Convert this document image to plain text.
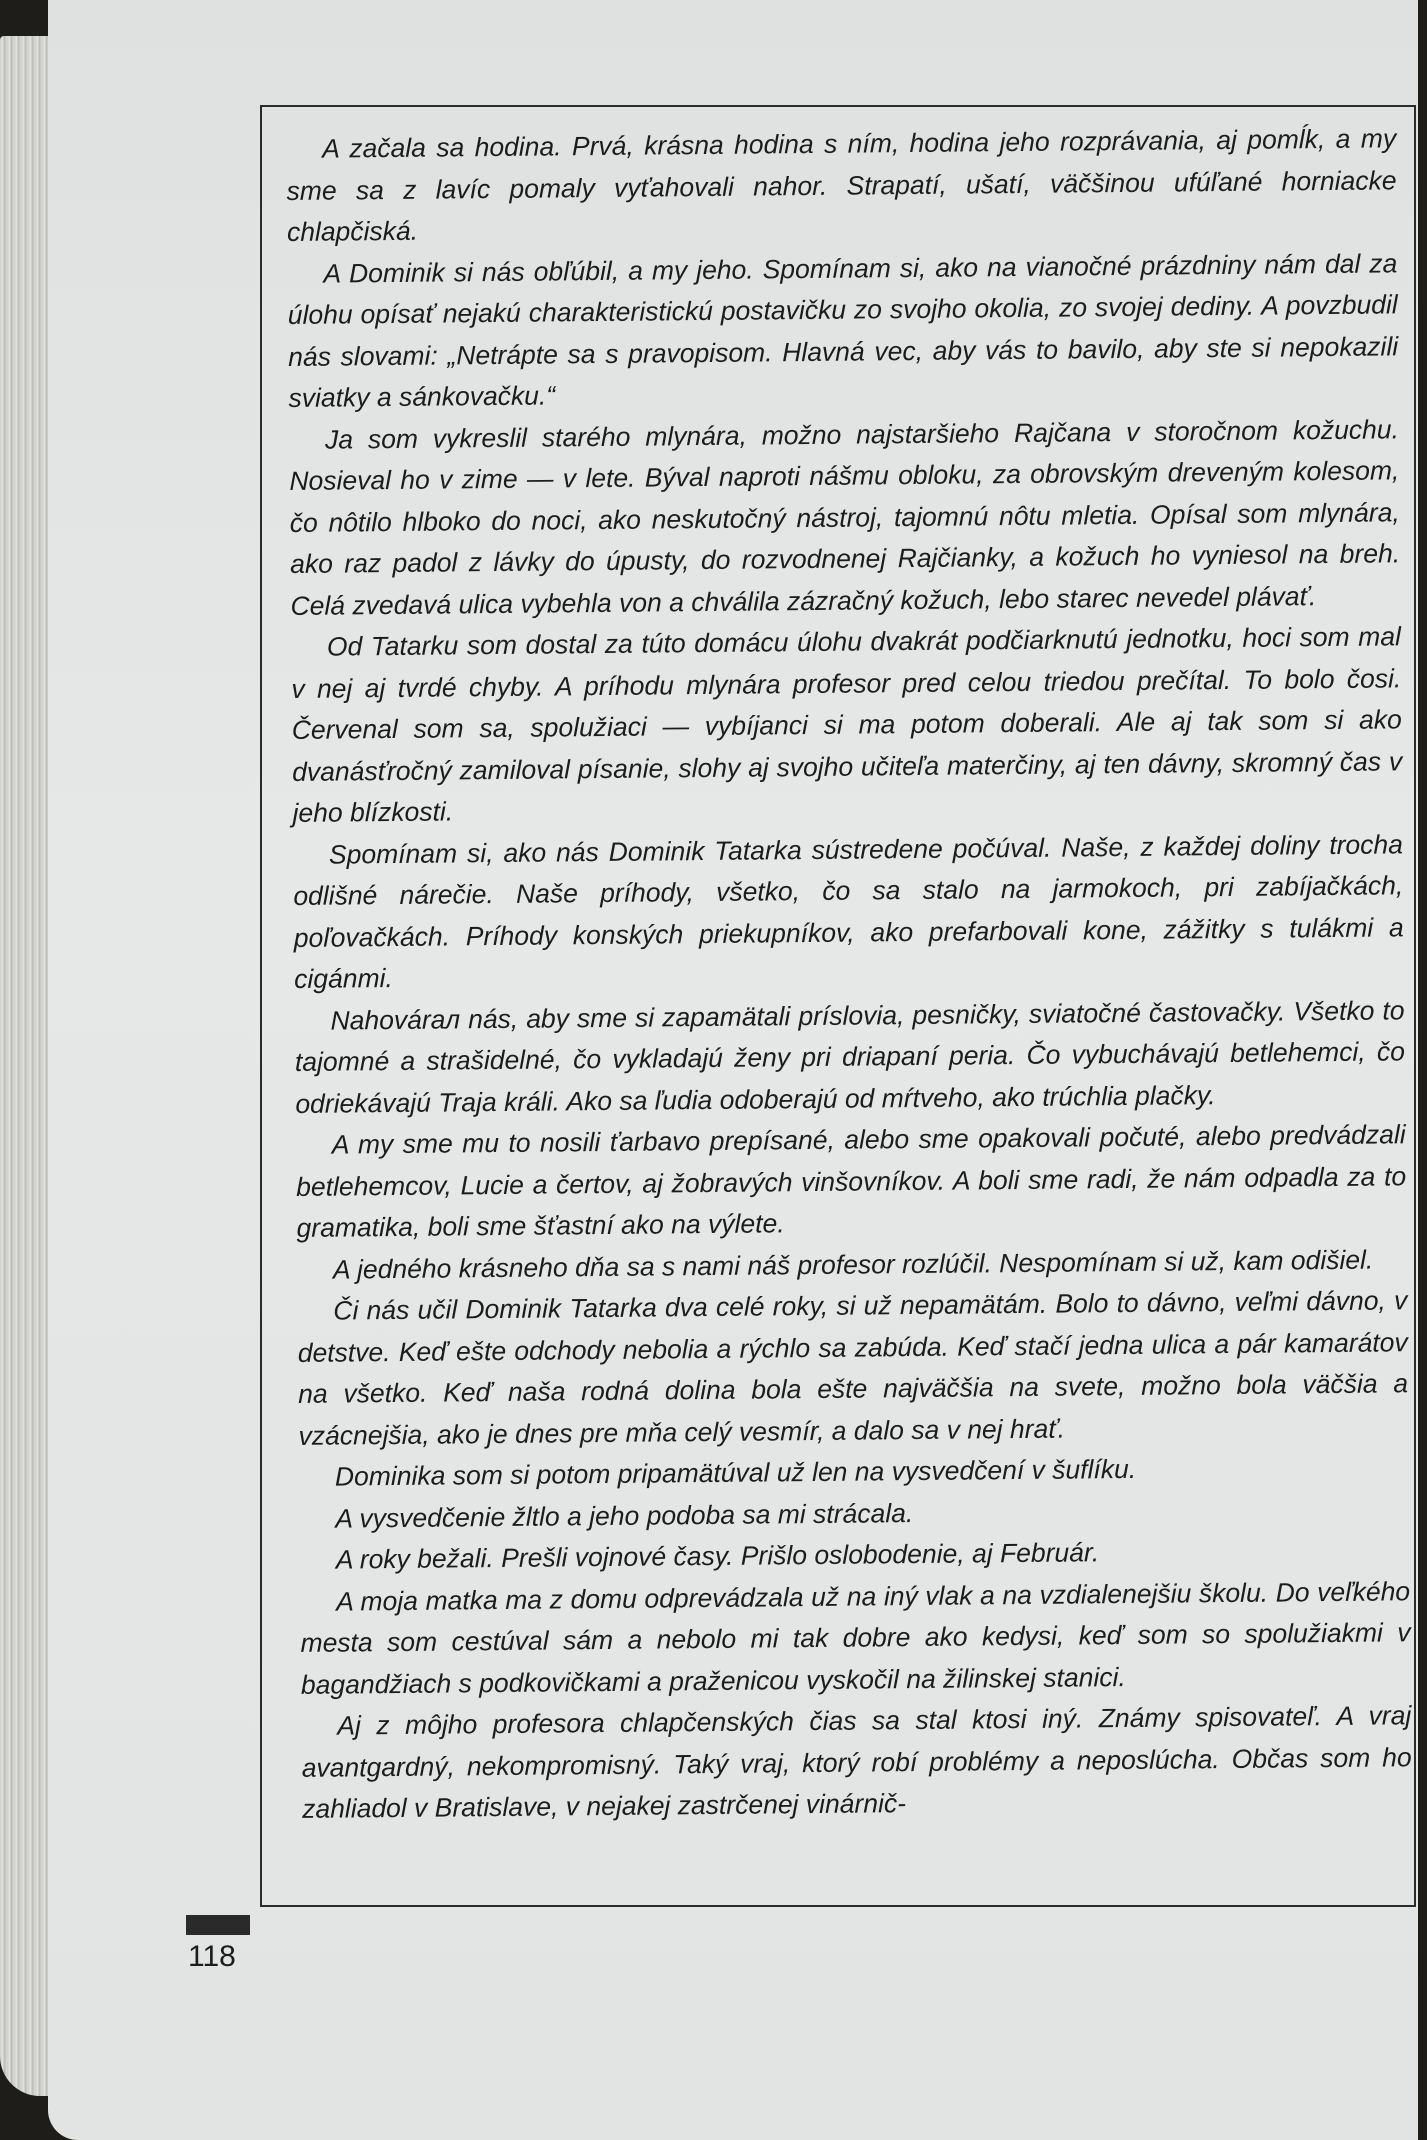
A začala sa hodina. Prvá, krásna hodina s ním, hodina jeho rozprávania, aj pomĺk, a my sme sa z lavíc pomaly vyťahovali nahor. Strapatí, ušatí, väčšinou ufúľané horniacke chlapčiská.

A Dominik si nás obľúbil, a my jeho. Spomínam si, ako na vianočné prázdniny nám dal za úlohu opísať nejakú charakteristickú postavičku zo svojho okolia, zo svojej dediny. A povzbudil nás slovami: „Netrápte sa s pravopisom. Hlavná vec, aby vás to bavilo, aby ste si nepokazili sviatky a sánkovačku.“

Ja som vykreslil starého mlynára, možno najstaršieho Rajčana v storočnom kožuchu. Nosieval ho v zime — v lete. Býval naproti nášmu obloku, za obrovským dreveným kolesom, čo nôtilo hlboko do noci, ako neskutočný nástroj, tajomnú nôtu mletia. Opísal som mlynára, ako raz padol z lávky do úpusty, do rozvodnenej Rajčianky, a kožuch ho vyniesol na breh. Celá zvedavá ulica vybehla von a chválila zázračný kožuch, lebo starec nevedel plávať.

Od Tatarku som dostal za túto domácu úlohu dvakrát podčiarknutú jednotku, hoci som mal v nej aj tvrdé chyby. A príhodu mlynára profesor pred celou triedou prečítal. To bolo čosi. Červenal som sa, spolužiaci — vybíjanci si ma potom doberali. Ale aj tak som si ako dvanásťročný zamiloval písanie, slohy aj svojho učiteľa materčiny, aj ten dávny, skromný čas v jeho blízkosti.

Spomínam si, ako nás Dominik Tatarka sústredene počúval. Naše, z každej doliny trocha odlišné nárečie. Naše príhody, všetko, čo sa stalo na jarmokoch, pri zabíjačkách, poľovačkách. Príhody konských priekupníkov, ako prefarbovali kone, zážitky s tulákmi a cigánmi.

Nahovárал nás, aby sme si zapamätali príslovia, pesničky, sviatočné častovačky. Všetko to tajomné a strašidelné, čo vykladajú ženy pri driapaní peria. Čo vybuchávajú betlehemci, čo odriekávajú Traja králi. Ako sa ľudia odoberajú od mŕtveho, ako trúchlia plačky.

A my sme mu to nosili ťarbavo prepísané, alebo sme opakovali počuté, alebo predvádzali betlehemcov, Lucie a čertov, aj žobravých vinšovníkov. A boli sme radi, že nám odpadla za to gramatika, boli sme šťastní ako na výlete.

A jedného krásneho dňa sa s nami náš profesor rozlúčil. Nespomínam si už, kam odišiel.

Či nás učil Dominik Tatarka dva celé roky, si už nepamätám. Bolo to dávno, veľmi dávno, v detstve. Keď ešte odchody nebolia a rýchlo sa zabúda. Keď stačí jedna ulica a pár kamarátov na všetko. Keď naša rodná dolina bola ešte najväčšia na svete, možno bola väčšia a vzácnejšia, ako je dnes pre mňa celý vesmír, a dalo sa v nej hrať.

Dominika som si potom pripamätúval už len na vysvedčení v šuflíku.

A vysvedčenie žltlo a jeho podoba sa mi strácala.

A roky bežali. Prešli vojnové časy. Prišlo oslobodenie, aj Február.

A moja matka ma z domu odprevádzala už na iný vlak a na vzdialenejšiu školu. Do veľkého mesta som cestúval sám a nebolo mi tak dobre ako kedysi, keď som so spolužiakmi v bagandžiach s podkovičkami a praženicou vyskočil na žilinskej stanici.

Aj z môjho profesora chlapčenských čias sa stal ktosi iný. Známy spisovateľ. A vraj avantgardný, nekompromisný. Taký vraj, ktorý robí problémy a neposlúcha. Občas som ho zahliadol v Bratislave, v nejakej zastrčenej vinárnič-

118
